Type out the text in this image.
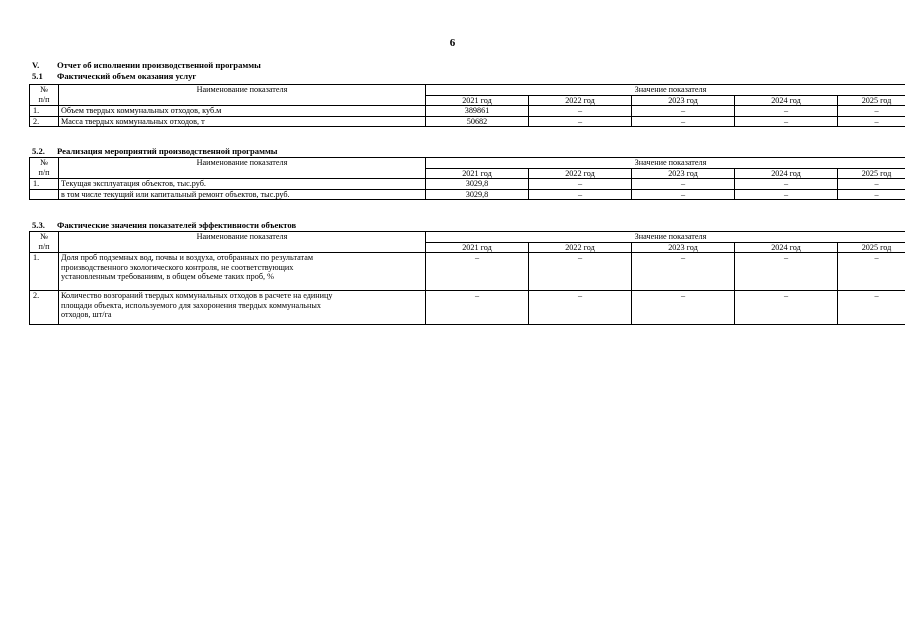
6
V. Отчет об исполнении производственной программы
5.1 Фактический объем оказания услуг
№
п/п	Наименование показателя	Значение показателя				
		2021 год	2022 год	2023 год	2024 год	2025 год
1.	Объем твердых коммунальных отходов, куб.м	389861	–	–	–	–
2.	Масса твердых коммунальных отходов, т	50682	–	–	–	–
5.2. Реализация мероприятий производственной программы
№
п/п	Наименование показателя	Значение показателя				
		2021 год	2022 год	2023 год	2024 год	2025 год
1.	Текущая эксплуатация объектов, тыс.руб.	3029,8	–	–	–	–

	в том числе текущий или капитальный ремонт объектов, тыс.руб.	3029,8	–	–	–	–
5.3. Фактические значения показателей эффективности объектов
№
п/п	Наименование показателя	Значение показателя				
		2021 год	2022 год	2023 год	2024 год	2025 год
1.	Доля проб подземных вод, почвы и воздуха, отобранных по результатам
производственного экологического контроля, не соответствующих
установленным требованиям, в общем объеме таких проб, %	–	–	–	–	–
2.	Количество возгораний твердых коммунальных отходов в расчете на единицу
площади объекта, используемого для захоронения твердых коммунальных
отходов, шт/га	–	–	–	–	–
